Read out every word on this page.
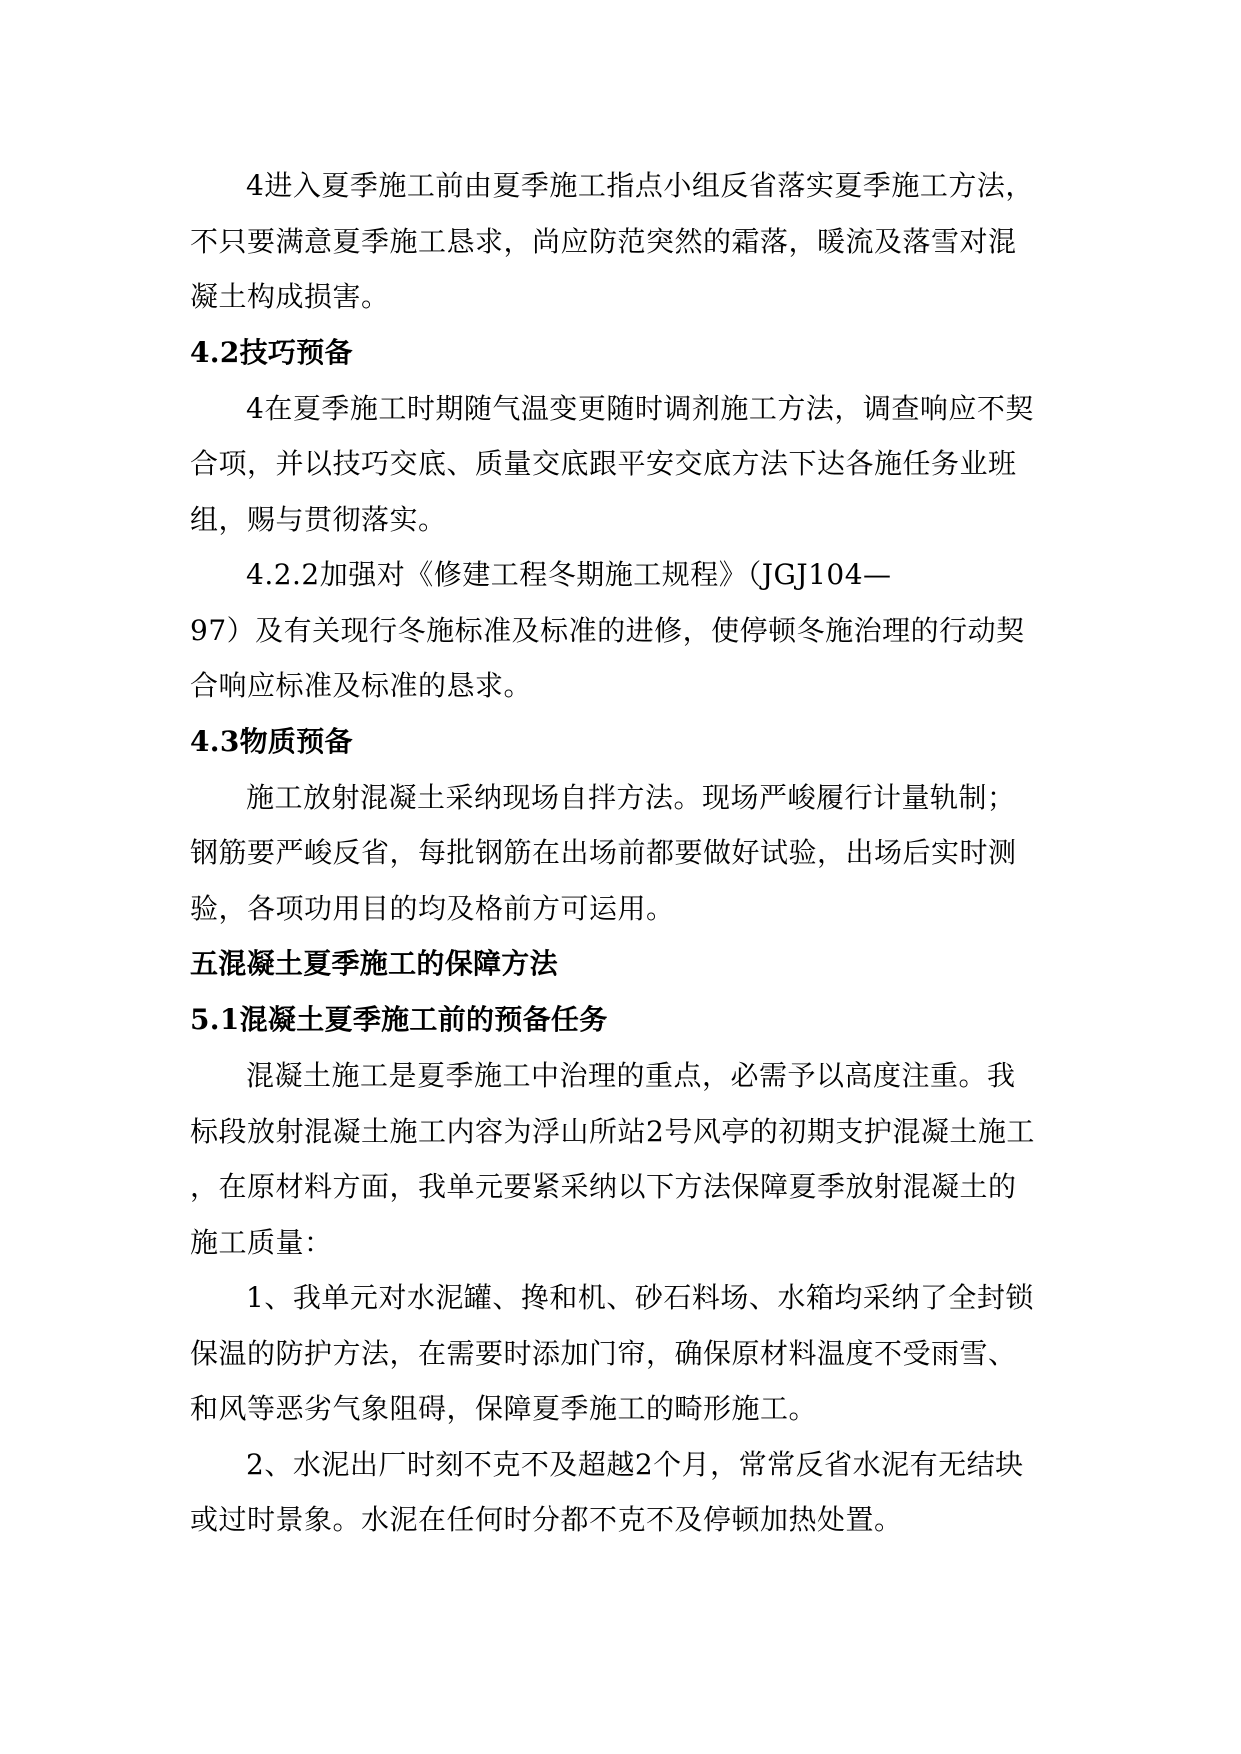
4进入夏季施工前由夏季施工指点小组反省落实夏季施工方法，
不只要满意夏季施工恳求，尚应防范突然的霜落，暖流及落雪对混
凝土构成损害。
4.2技巧预备
4在夏季施工时期随气温变更随时调剂施工方法，调查响应不契
合项，并以技巧交底、质量交底跟平安交底方法下达各施任务业班
组，赐与贯彻落实。
4.2.2加强对《修建工程冬期施工规程》（JGJ104—
97）及有关现行冬施标准及标准的进修，使停顿冬施治理的行动契
合响应标准及标准的恳求。
4.3物质预备
施工放射混凝土采纳现场自拌方法。现场严峻履行计量轨制；
钢筋要严峻反省，每批钢筋在出场前都要做好试验，出场后实时测
验，各项功用目的均及格前方可运用。
五混凝土夏季施工的保障方法
5.1混凝土夏季施工前的预备任务
混凝土施工是夏季施工中治理的重点，必需予以高度注重。我
标段放射混凝土施工内容为浮山所站2号风亭的初期支护混凝土施工
，在原材料方面，我单元要紧采纳以下方法保障夏季放射混凝土的
施工质量：
1、我单元对水泥罐、搀和机、砂石料场、水箱均采纳了全封锁
保温的防护方法，在需要时添加门帘，确保原材料温度不受雨雪、
和风等恶劣气象阻碍，保障夏季施工的畸形施工。
2、水泥出厂时刻不克不及超越2个月，常常反省水泥有无结块
或过时景象。水泥在任何时分都不克不及停顿加热处置。
